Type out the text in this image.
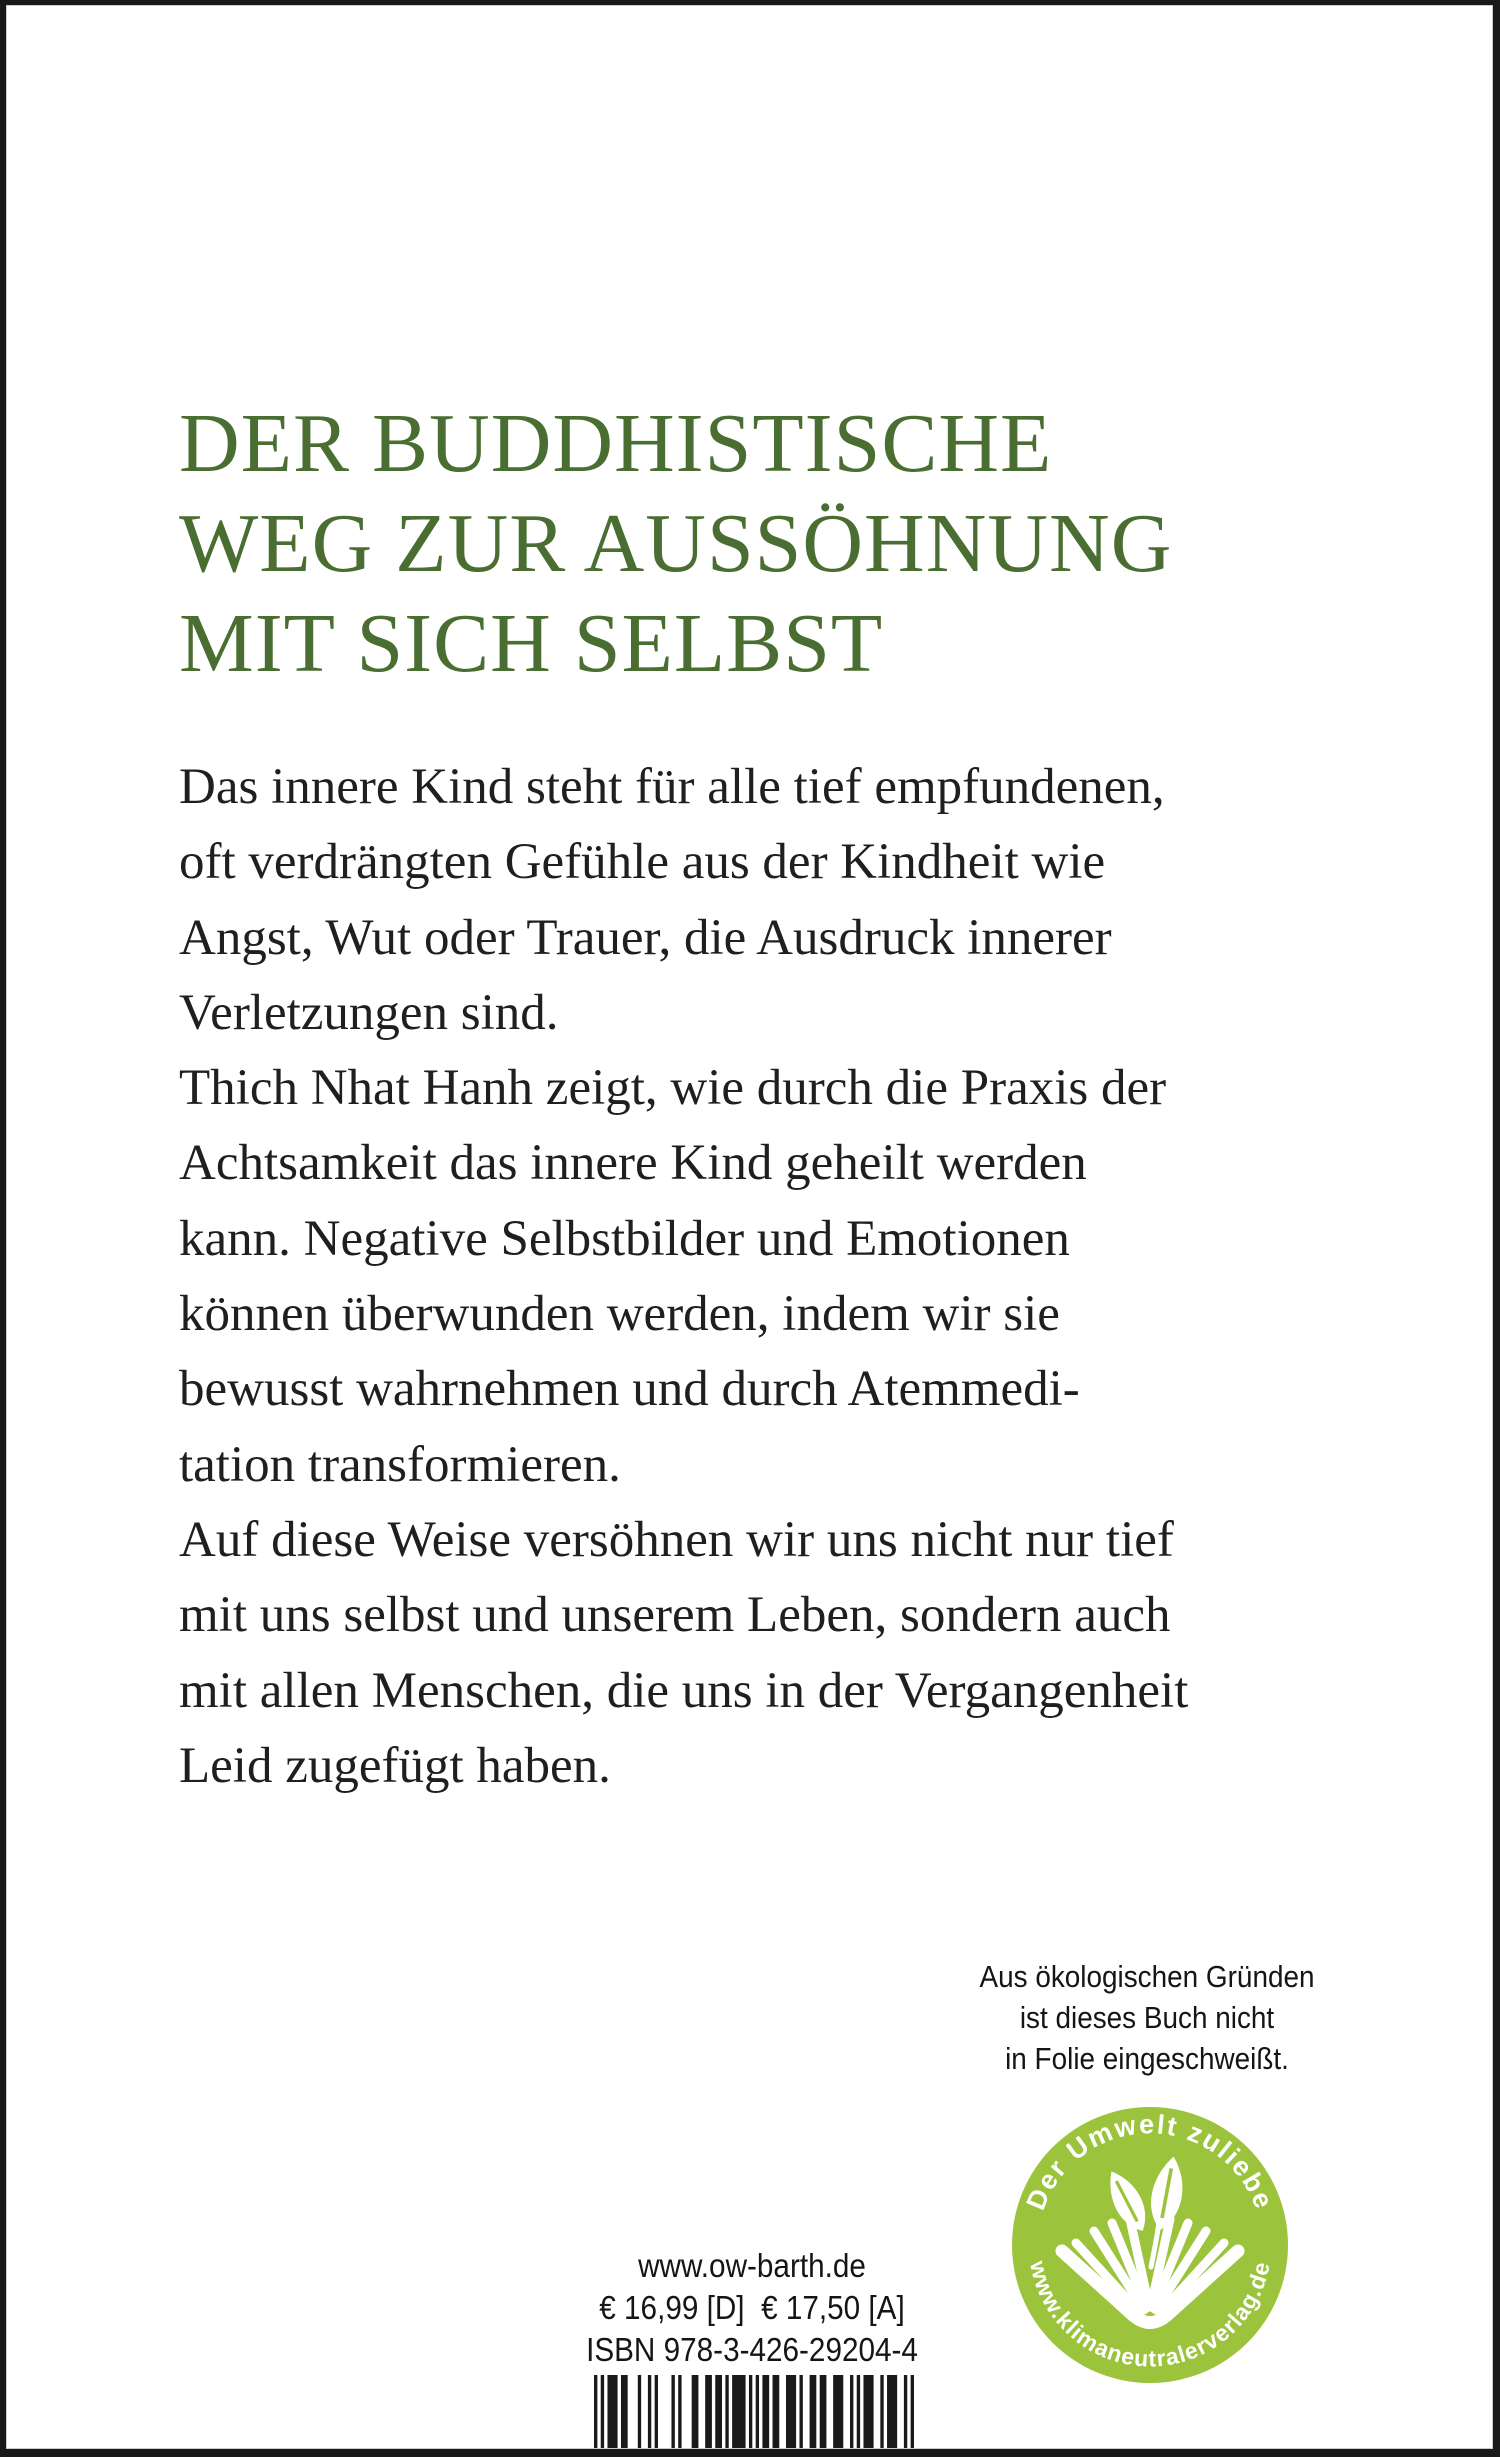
DER BUDDHISTISCHE
WEG ZUR AUSSÖHNUNG
MIT SICH SELBST
Das innere Kind steht für alle tief empfundenen,
oft verdrängten Gefühle aus der Kindheit wie
Angst, Wut oder Trauer, die Ausdruck innerer
Verletzungen sind.
Thich Nhat Hanh zeigt, wie durch die Praxis der
Achtsamkeit das innere Kind geheilt werden
kann. Negative Selbstbilder und Emotionen
können überwunden werden, indem wir sie
bewusst wahrnehmen und durch Atemmedi-
tation transformieren.
Auf diese Weise versöhnen wir uns nicht nur tief
mit uns selbst und unserem Leben, sondern auch
mit allen Menschen, die uns in der Vergangenheit
Leid zugefügt haben.
Aus ökologischen Gründen
ist dieses Buch nicht
in Folie eingeschweißt.
Der Umwelt zuliebe
www.klimaneutralerverlag.de
www.ow-barth.de
€ 16,99 [D]  € 17,50 [A]
ISBN 978-3-426-29204-4
